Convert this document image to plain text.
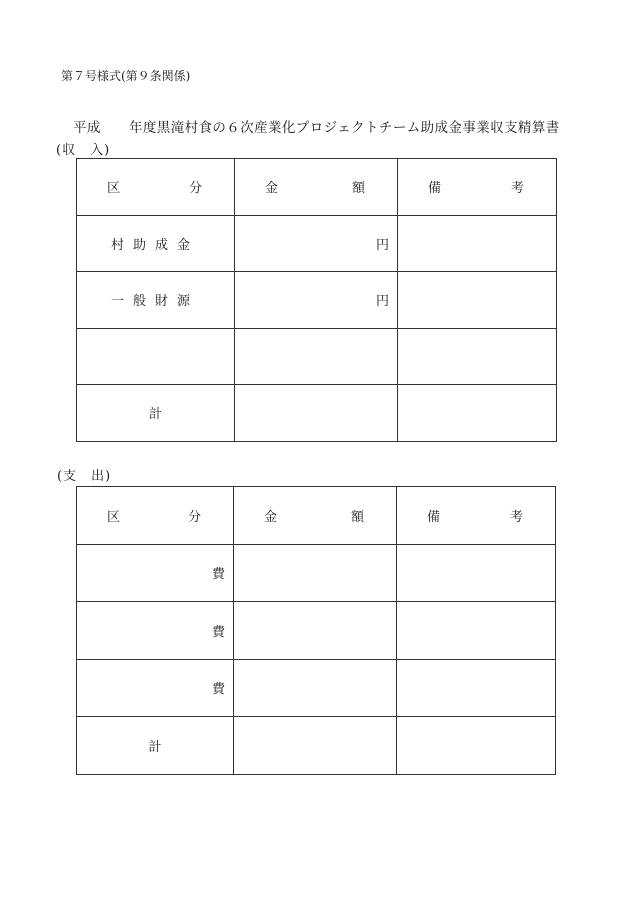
第７号様式(第９条関係)
平成 年度黒滝村食の６次産業化プロジェクトチーム助成金事業収支精算書
(収　入)
区 分	金 額	備 考

村助成金	円	
一般財源	円	

計		
(支　出)
区 分	金 額	備 考

費		
費		
費		
計		
